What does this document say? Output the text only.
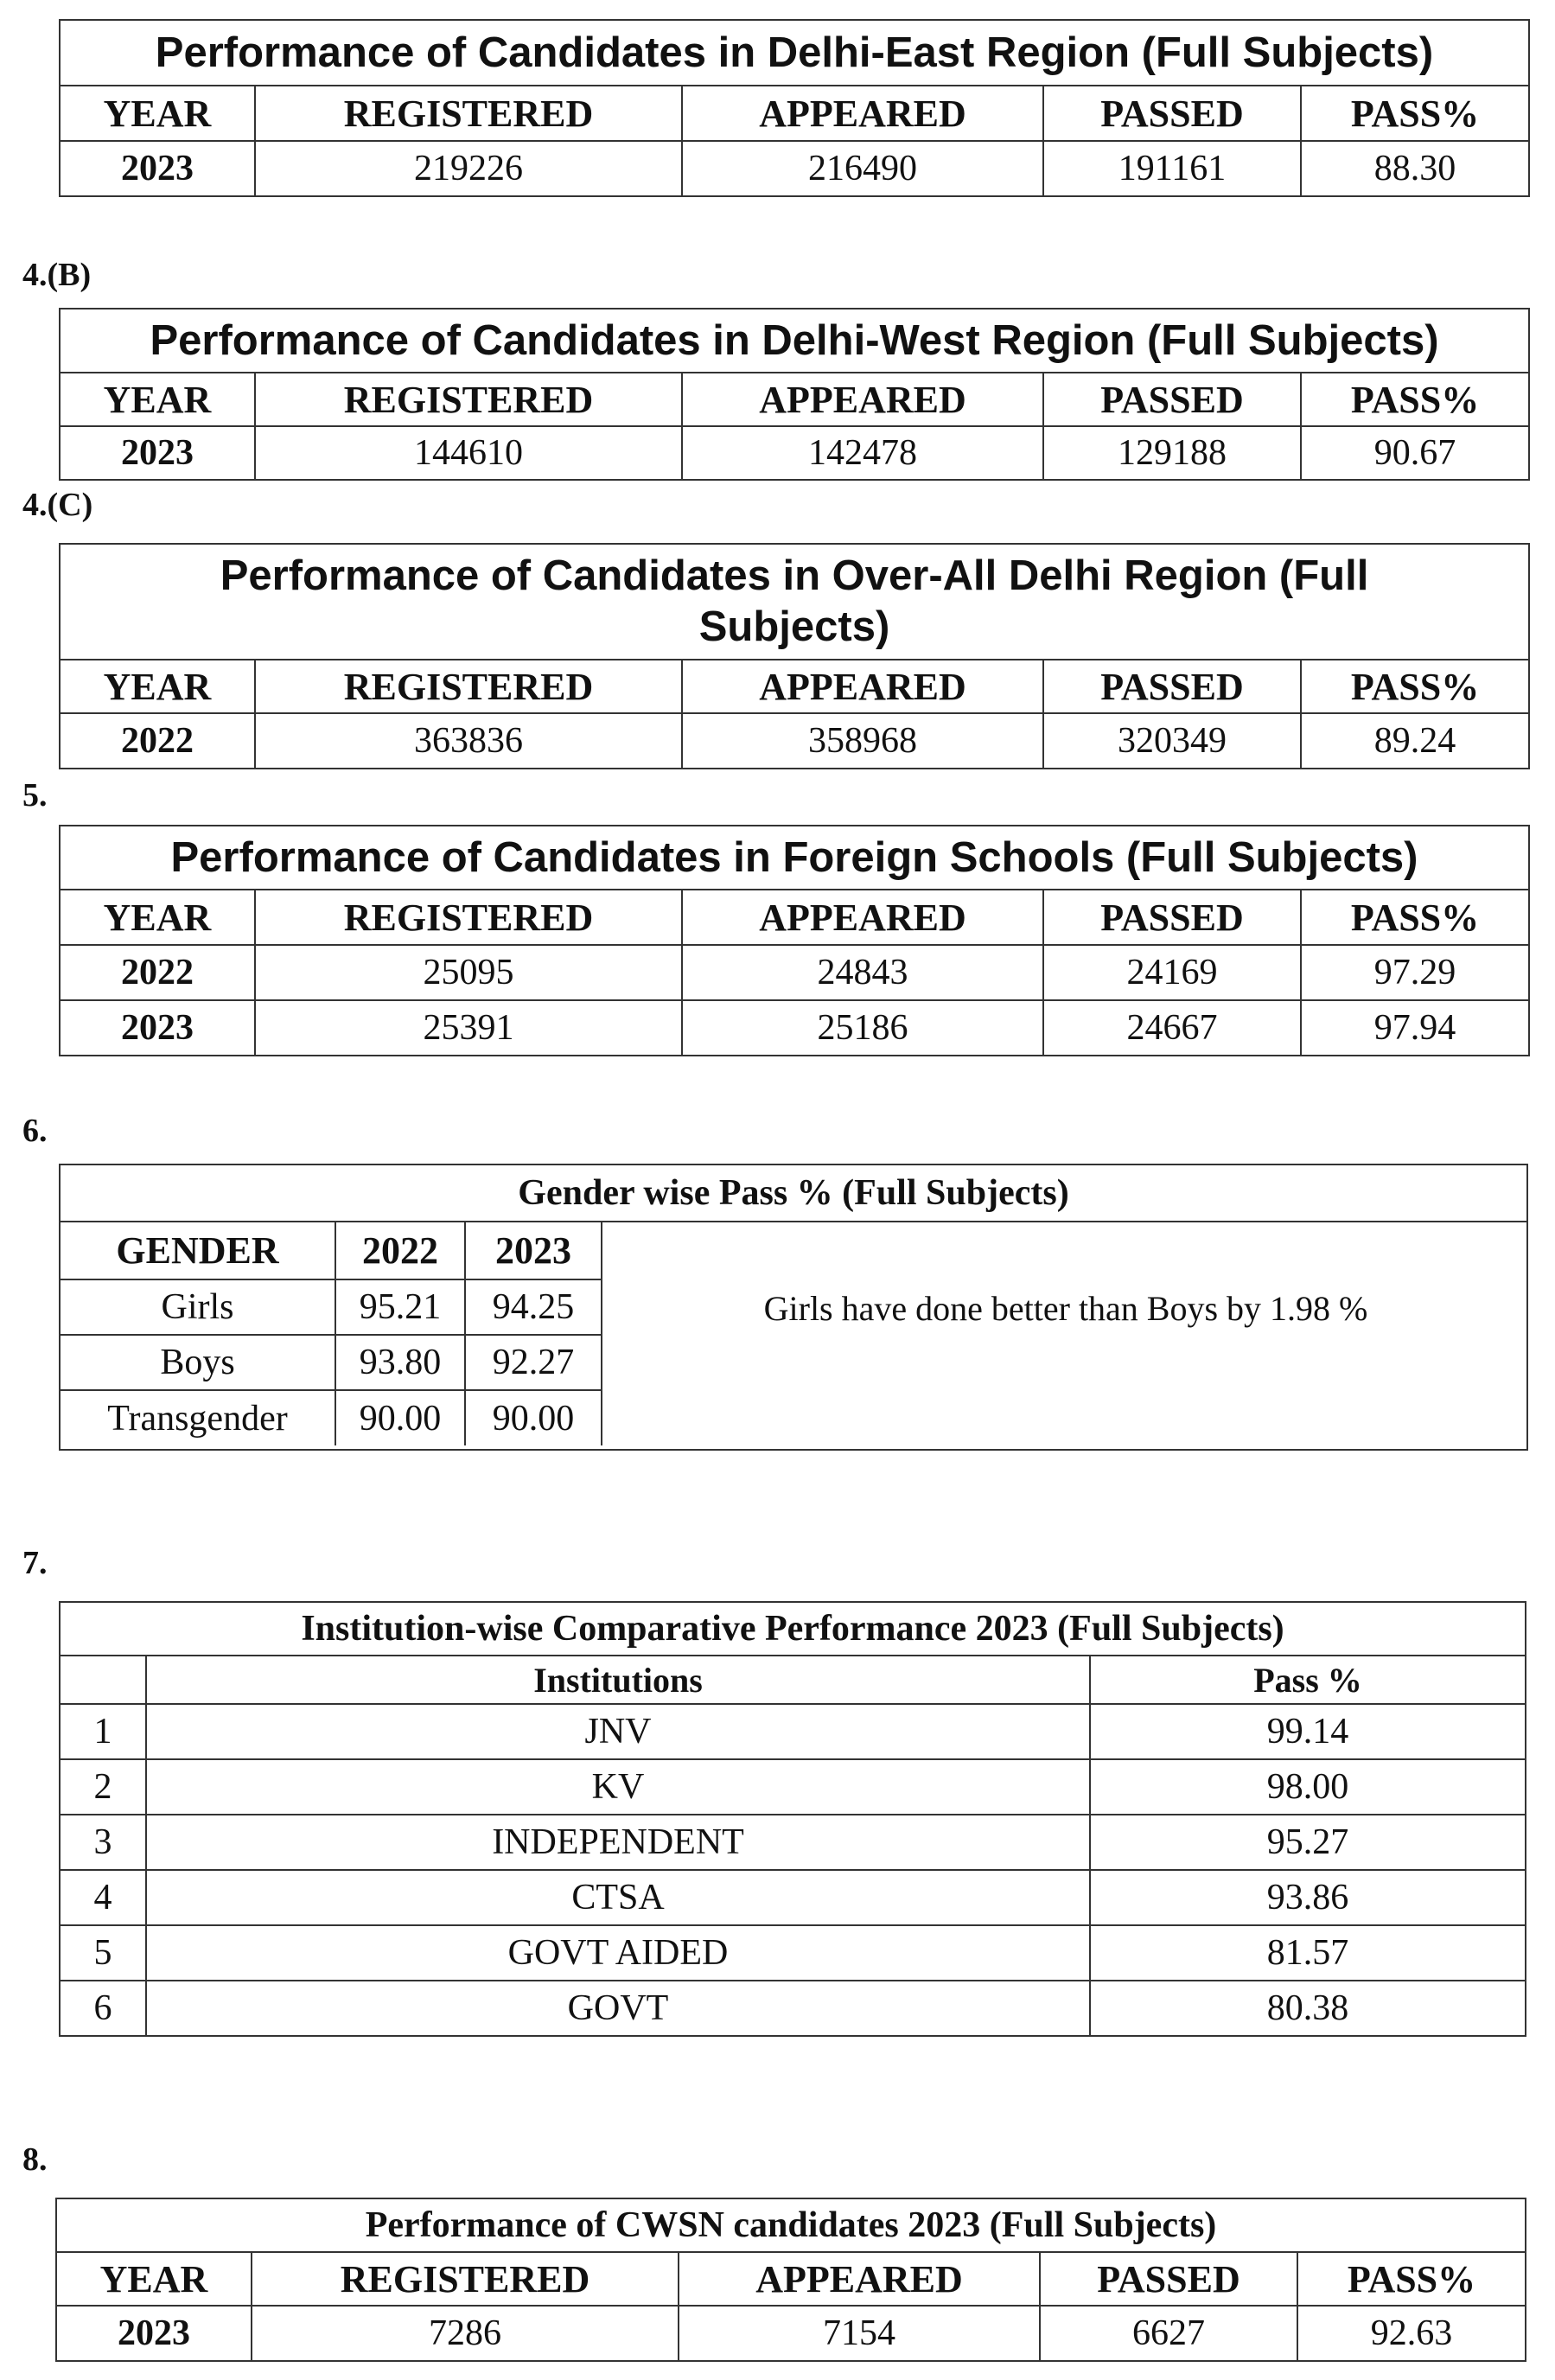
Performance of Candidates in Delhi-East Region (Full Subjects)				
YEAR	REGISTERED	APPEARED	PASSED	PASS%
2023	219226	216490	191161	88.30
4.(B)
Performance of Candidates in Delhi-West Region (Full Subjects)				
YEAR	REGISTERED	APPEARED	PASSED	PASS%
2023	144610	142478	129188	90.67
4.(C)
Performance of Candidates in Over-All Delhi Region (Full Subjects)				
YEAR	REGISTERED	APPEARED	PASSED	PASS%
2022	363836	358968	320349	89.24
5.
Performance of Candidates in Foreign Schools (Full Subjects)				
YEAR	REGISTERED	APPEARED	PASSED	PASS%
2022	25095	24843	24169	97.29
2023	25391	25186	24667	97.94
6.
Gender wise Pass % (Full Subjects)
GENDER	2022	2023
Girls	95.21	94.25
Boys	93.80	92.27
Transgender	90.00	90.00
Girls have done better than Boys by 1.98 %
7.
Institution-wise Comparative Performance 2023 (Full Subjects)		
	Institutions	Pass %
1	JNV	99.14
2	KV	98.00
3	INDEPENDENT	95.27
4	CTSA	93.86
5	GOVT AIDED	81.57
6	GOVT	80.38
8.
Performance of CWSN candidates 2023 (Full Subjects)				
YEAR	REGISTERED	APPEARED	PASSED	PASS%
2023	7286	7154	6627	92.63
